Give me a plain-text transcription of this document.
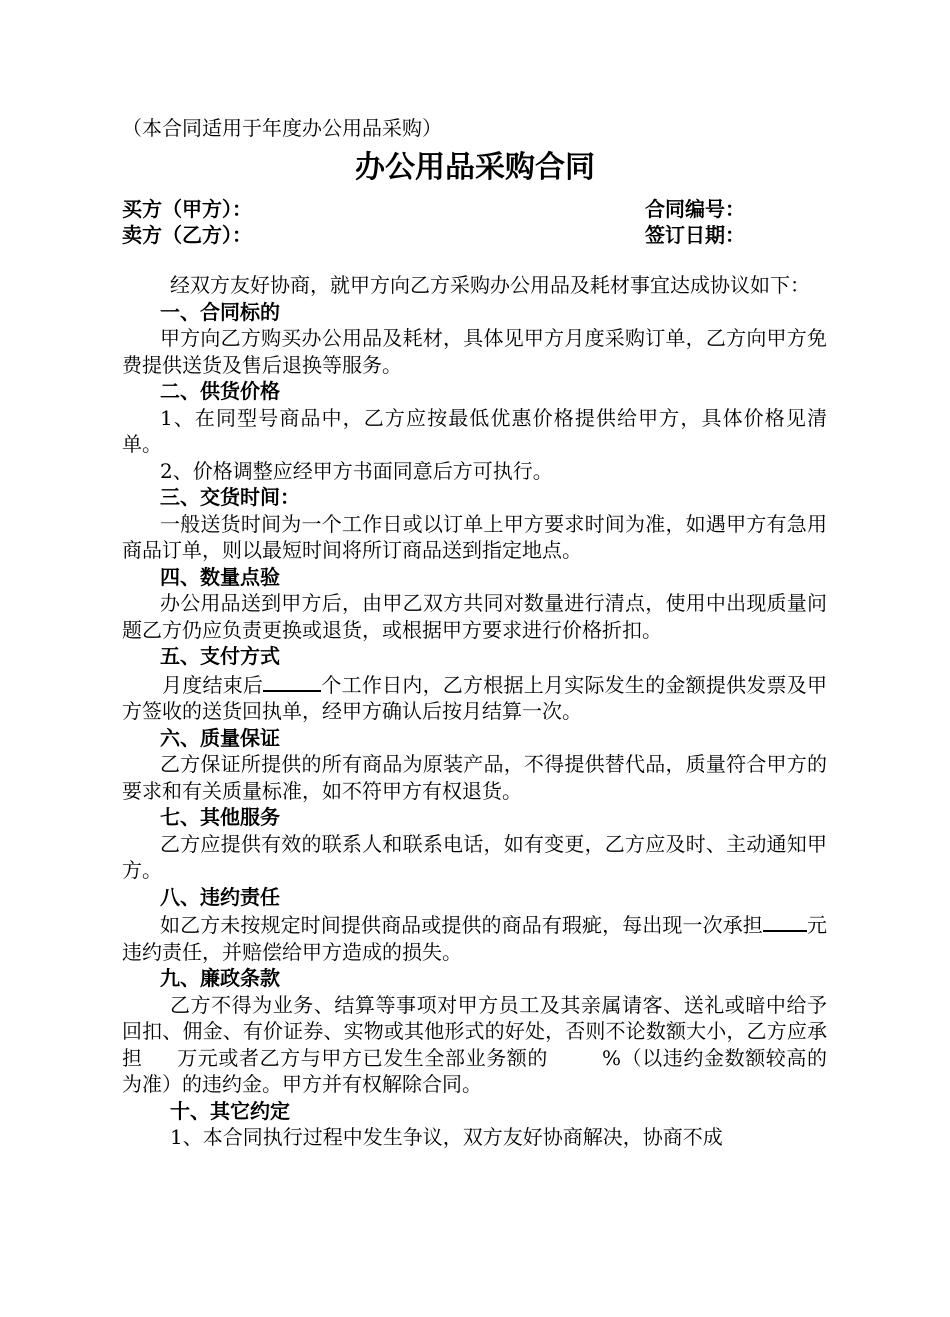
（本合同适用于年度办公用品采购）
办公用品采购合同
买方（甲方）：
卖方（乙方）：
合同编号：
签订日期：

经双方友好协商，就甲方向乙方采购办公用品及耗材事宜达成协议如下：

一、合同标的

甲方向乙方购买办公用品及耗材，具体见甲方月度采购订单，乙方向甲方免费提供送货及售后退换等服务。

二、供货价格

1、在同型号商品中，乙方应按最低优惠价格提供给甲方，具体价格见清单。

2、价格调整应经甲方书面同意后方可执行。

三、交货时间：

一般送货时间为一个工作日或以订单上甲方要求时间为准，如遇甲方有急用商品订单，则以最短时间将所订商品送到指定地点。

四、数量点验

办公用品送到甲方后，由甲乙双方共同对数量进行清点，使用中出现质量问题乙方仍应负责更换或退货，或根据甲方要求进行价格折扣。

五、支付方式

月度结束后	个工作日内，乙方根据上月实际发生的金额提供发票及甲方签收的送货回执单，经甲方确认后按月结算一次。

六、质量保证

乙方保证所提供的所有商品为原装产品，不得提供替代品，质量符合甲方的要求和有关质量标准，如不符甲方有权退货。

七、其他服务

乙方应提供有效的联系人和联系电话，如有变更，乙方应及时、主动通知甲方。

八、违约责任

如乙方未按规定时间提供商品或提供的商品有瑕疵，每出现一次承担 元违约责任，并赔偿给甲方造成的损失。

九、廉政条款

乙方不得为业务、结算等事项对甲方员工及其亲属请客、送礼或暗中给予回扣、佣金、有价证券、实物或其他形式的好处，否则不论数额大小，乙方应承担 万元或者乙方与甲方已发生全部业务额的	%（以违约金数额较高的为准）的违约金。甲方并有权解除合同。

十、其它约定

1、本合同执行过程中发生争议，双方友好协商解决，协商不成
